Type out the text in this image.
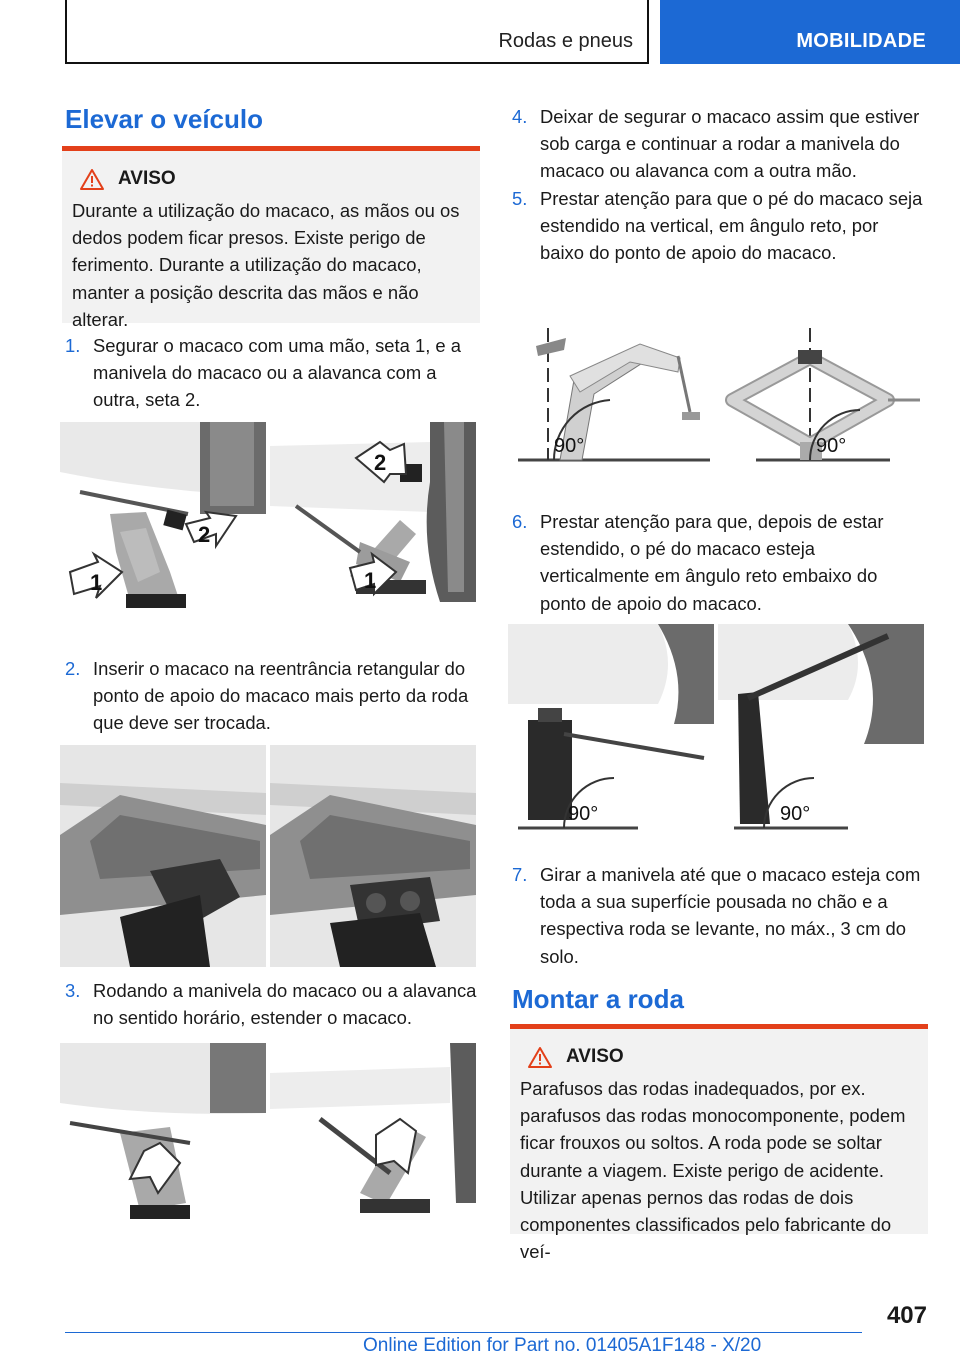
Rodas e pneus	MOBILIDADE
Elevar o veículo
AVISO
Durante a utilização do macaco, as mãos ou os dedos podem ficar presos. Existe perigo de ferimento. Durante a utilização do macaco, manter a posição descrita das mãos e não alterar.
1. Segurar o macaco com uma mão, seta 1, e a manivela do macaco ou a alavanca com a outra, seta 2.
2
1
2
1
2. Inserir o macaco na reentrância retangular do ponto de apoio do macaco mais perto da roda que deve ser trocada.
3. Rodando a manivela do macaco ou a alavanca no sentido horário, estender o macaco.
4. Deixar de segurar o macaco assim que estiver sob carga e continuar a rodar a manivela do macaco ou alavanca com a outra mão.
5. Prestar atenção para que o pé do macaco seja estendido na vertical, em ângulo reto, por baixo do ponto de apoio do macaco.
90°	90°
6. Prestar atenção para que, depois de estar estendido, o pé do macaco esteja verticalmente em ângulo reto embaixo do ponto de apoio do macaco.
90°	90°
7. Girar a manivela até que o macaco esteja com toda a sua superfície pousada no chão e a respectiva roda se levante, no máx., 3 cm do solo.
Montar a roda
AVISO
Parafusos das rodas inadequados, por ex. parafusos das rodas monocomponente, podem ficar frouxos ou soltos. A roda pode se soltar durante a viagem. Existe perigo de acidente. Utilizar apenas pernos das rodas de dois componentes classificados pelo fabricante do veí-
407
Online Edition for Part no. 01405A1F148 - X/20
